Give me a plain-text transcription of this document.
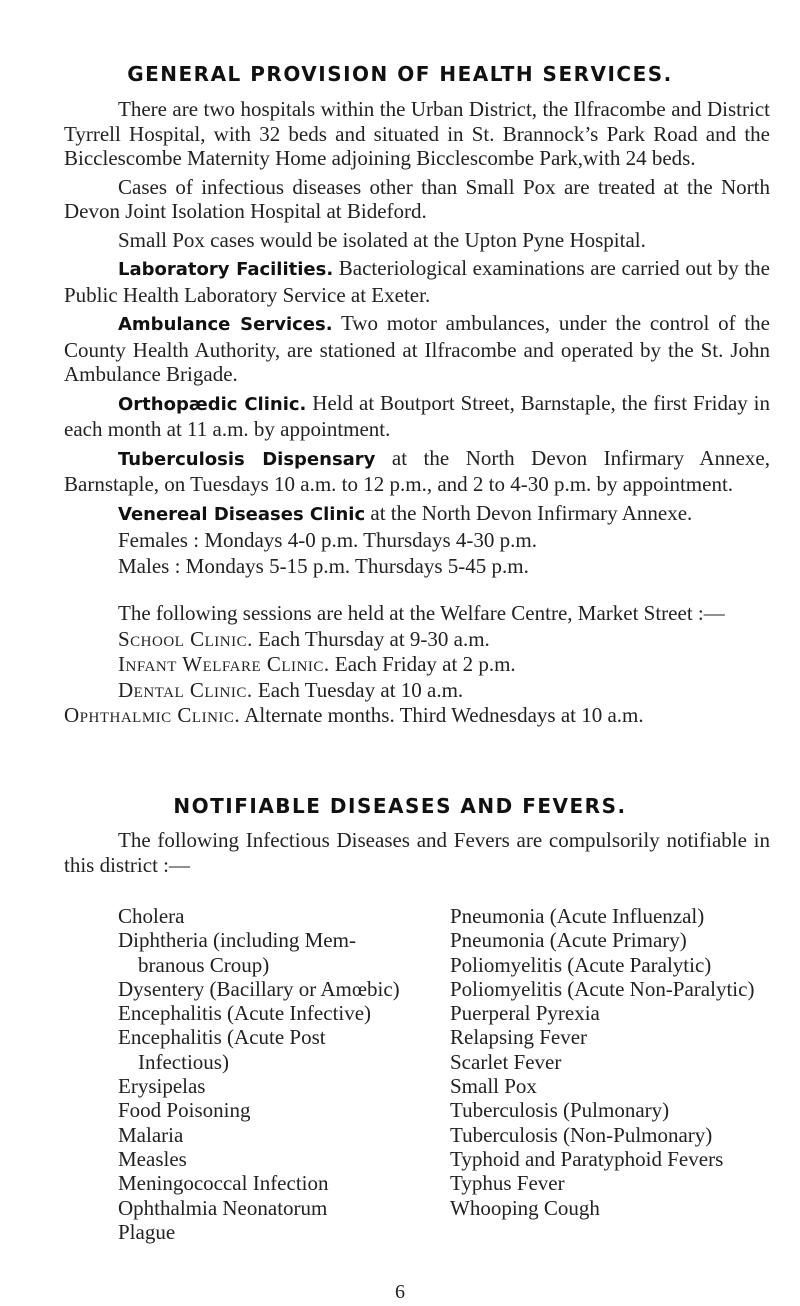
GENERAL PROVISION OF HEALTH SERVICES.

There are two hospitals within the Urban District, the Ilfracombe and District Tyrrell Hospital, with 32 beds and situated in St. Brannock’s Park Road and the Bicclescombe Maternity Home adjoining Bicclescombe Park,with 24 beds.

Cases of infectious diseases other than Small Pox are treated at the North Devon Joint Isolation Hospital at Bideford.

Small Pox cases would be isolated at the Upton Pyne Hospital.

Laboratory Facilities. Bacteriological examinations are carried out by the Public Health Laboratory Service at Exeter.

Ambulance Services. Two motor ambulances, under the control of the County Health Authority, are stationed at Ilfracombe and operated by the St. John Ambulance Brigade.

Orthopædic Clinic. Held at Boutport Street, Barnstaple, the first Friday in each month at 11 a.m. by appointment.

Tuberculosis Dispensary at the North Devon Infirmary Annexe, Barnstaple, on Tuesdays 10 a.m. to 12 p.m., and 2 to 4-30 p.m. by appointment.

Venereal Diseases Clinic at the North Devon Infirmary Annexe.

Females : Mondays 4-0 p.m. Thursdays 4-30 p.m.
Males : Mondays 5-15 p.m. Thursdays 5-45 p.m.

The following sessions are held at the Welfare Centre, Market Street :—

School Clinic. Each Thursday at 9-30 a.m.
Infant Welfare Clinic. Each Friday at 2 p.m.
Dental Clinic. Each Tuesday at 10 a.m.

Ophthalmic Clinic. Alternate months. Third Wednesdays at 10 a.m.

NOTIFIABLE DISEASES AND FEVERS.

The following Infectious Diseases and Fevers are compulsorily notifiable in this district :—

Cholera
Diphtheria (including Mem-
branous Croup)
Dysentery (Bacillary or Amœbic)
Encephalitis (Acute Infective)
Encephalitis (Acute Post
Infectious)
Erysipelas
Food Poisoning
Malaria
Measles
Meningococcal Infection
Ophthalmia Neonatorum
Plague
Pneumonia (Acute Influenzal)
Pneumonia (Acute Primary)
Poliomyelitis (Acute Paralytic)
Poliomyelitis (Acute Non-Paralytic)
Puerperal Pyrexia
Relapsing Fever
Scarlet Fever
Small Pox
Tuberculosis (Pulmonary)
Tuberculosis (Non-Pulmonary)
Typhoid and Paratyphoid Fevers
Typhus Fever
Whooping Cough
6
